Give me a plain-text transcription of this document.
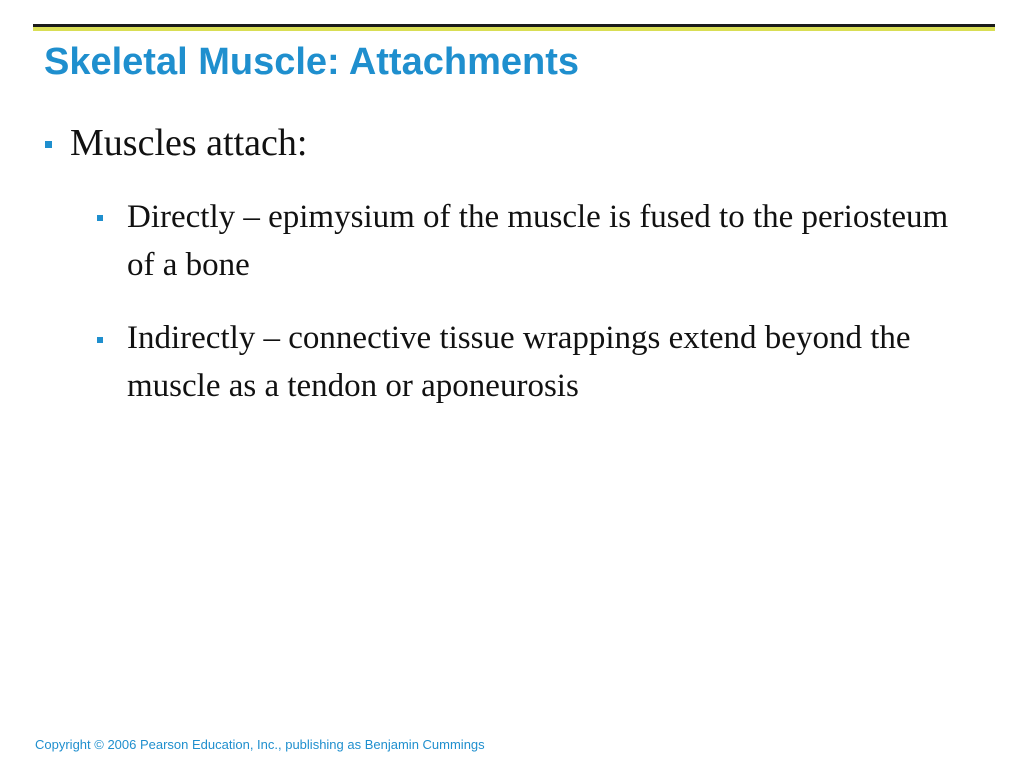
Skeletal Muscle: Attachments
Muscles attach:
Directly – epimysium of the muscle is fused to the periosteum of a bone
Indirectly – connective tissue wrappings extend beyond the muscle as a tendon or aponeurosis
Copyright © 2006 Pearson Education, Inc., publishing as Benjamin Cummings
